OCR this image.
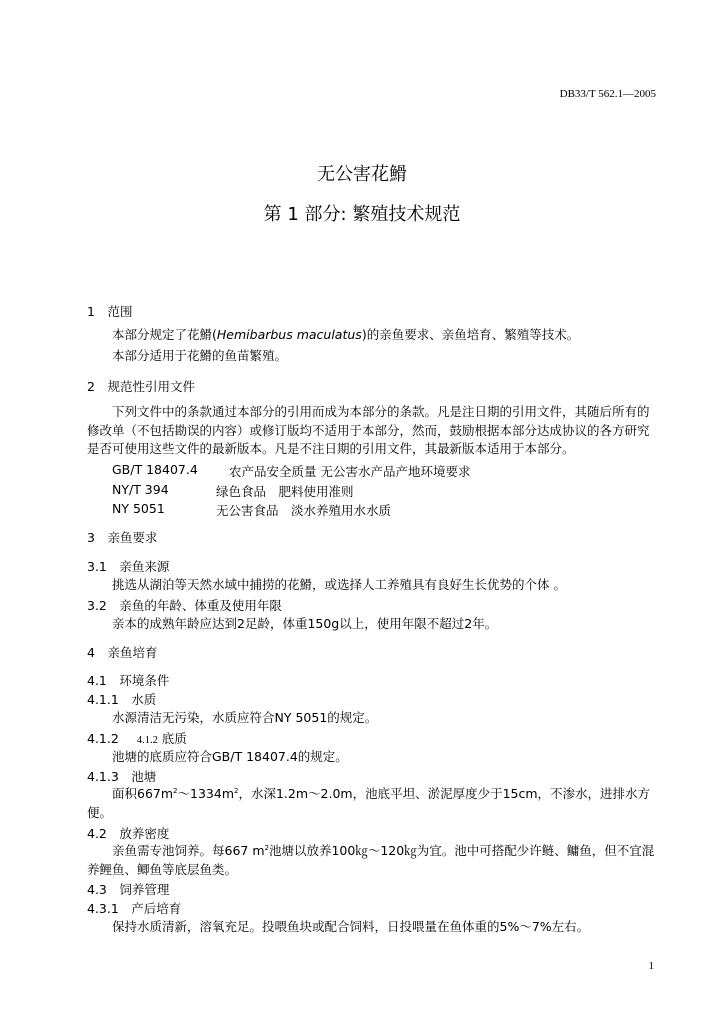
DB33/T 562.1—2005
无公害花䱻
第 1 部分: 繁殖技术规范
1　范围
本部分规定了花䱻(Hemibarbus maculatus)的亲鱼要求、亲鱼培育、繁殖等技术。
本部分适用于花䱻的鱼苗繁殖。
2　规范性引用文件
下列文件中的条款通过本部分的引用而成为本部分的条款。凡是注日期的引用文件，其随后所有的修改单（不包括勘误的内容）或修订版均不适用于本部分，然而，鼓励根据本部分达成协议的各方研究是否可使用这些文件的最新版本。凡是不注日期的引用文件，其最新版本适用于本部分。
GB/T 18407.4 农产品安全质量 无公害水产品产地环境要求
NY/T 394	绿色食品　肥料使用准则
NY 5051	无公害食品　淡水养殖用水水质
3　亲鱼要求
3.1　亲鱼来源
挑选从湖泊等天然水域中捕捞的花䱻，或选择人工养殖具有良好生长优势的个体 。
3.2　亲鱼的年龄、体重及使用年限
亲本的成熟年龄应达到2足龄，体重150g以上，使用年限不超过2年。
4　亲鱼培育
4.1　环境条件
4.1.1　水质
水源清洁无污染，水质应符合NY 5051的规定。
4.1.2 4.1.2 底质
池塘的底质应符合GB/T 18407.4的规定。
4.1.3　池塘
面积$667m^2\sim 1334m^2$，水深1.2m～2.0m，池底平坦、淤泥厚度少于15cm，不渗水，进排水方便。
4.2　放养密度
亲鱼需专池饲养。每667 $m^2$池塘以放养100㎏～120㎏为宜。池中可搭配少许鲢、鳙鱼，但不宜混养鲤鱼、鲫鱼等底层鱼类。
4.3　饲养管理
4.3.1　产后培育
保持水质清新，溶氧充足。投喂鱼块或配合饲料，日投喂量在鱼体重的5%～7%左右。
1
